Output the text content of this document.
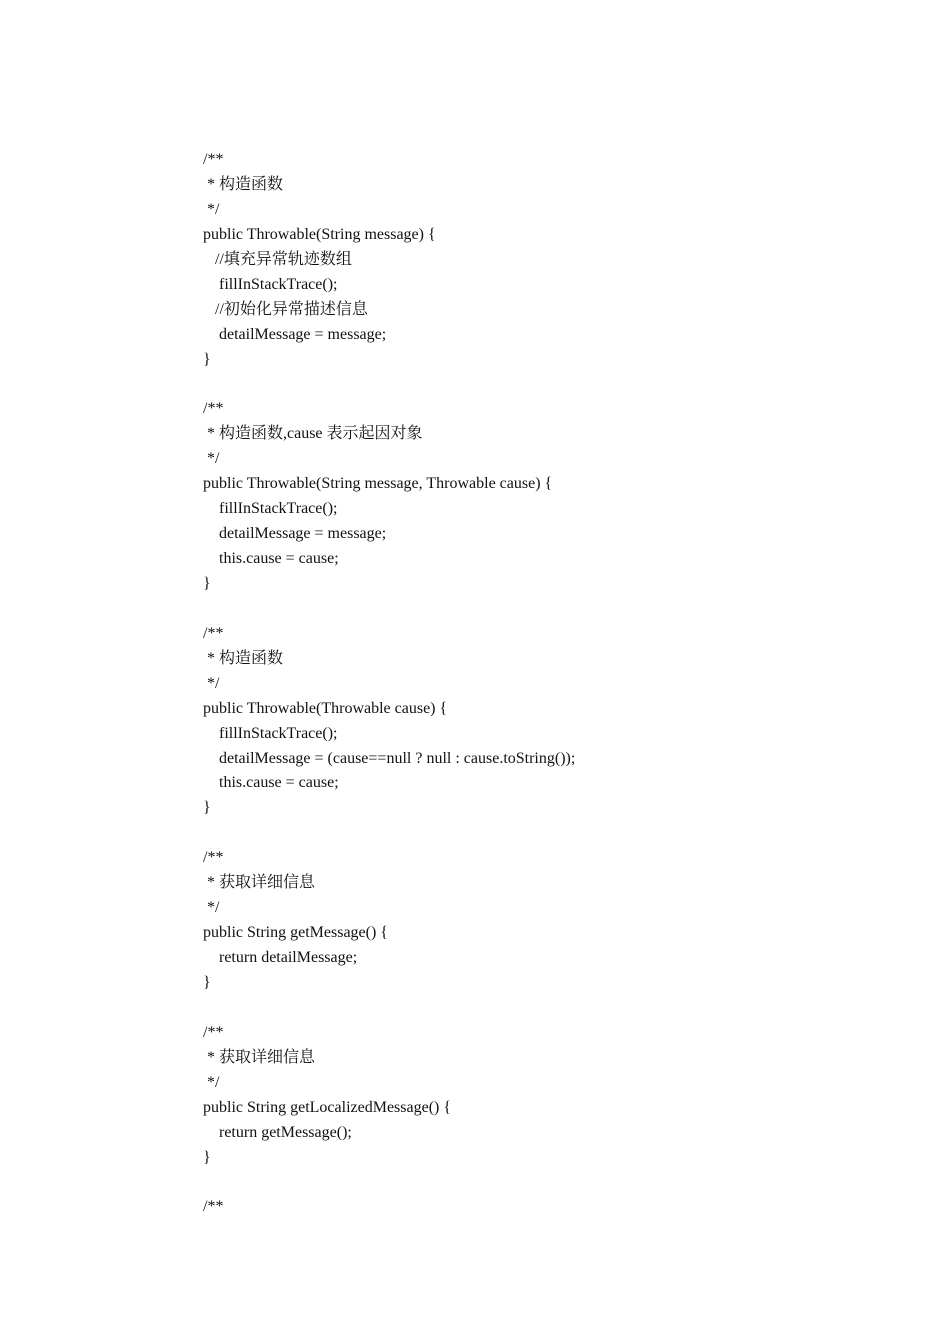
/**
* 构造函数
*/
public Throwable(String message) {
//填充异常轨迹数组
fillInStackTrace();
//初始化异常描述信息
detailMessage = message;
}
/**
* 构造函数,cause 表示起因对象
*/
public Throwable(String message, Throwable cause) {
fillInStackTrace();
detailMessage = message;
this.cause = cause;
}
/**
* 构造函数
*/
public Throwable(Throwable cause) {
fillInStackTrace();
detailMessage = (cause==null ? null : cause.toString());
this.cause = cause;
}
/**
* 获取详细信息
*/
public String getMessage() {
return detailMessage;
}
/**
* 获取详细信息
*/
public String getLocalizedMessage() {
return getMessage();
}
/**
